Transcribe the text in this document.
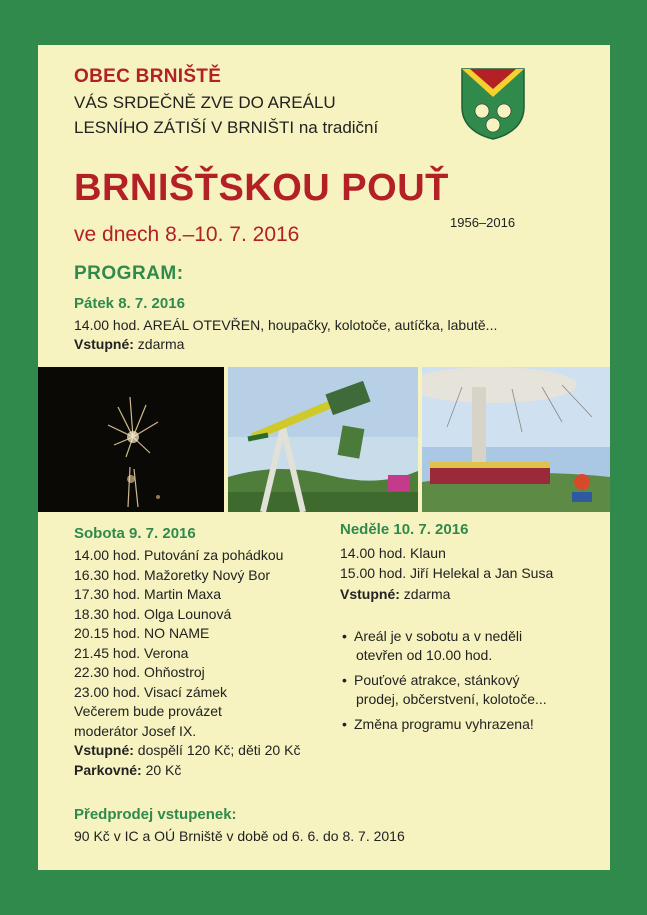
OBEC BRNIŠTĚ
VÁS SRDEČNĚ ZVE DO AREÁLU
LESNÍHO ZÁTIŠÍ V BRNIŠTI na tradiční
BRNIŠŤSKOU POUŤ
ve dnech 8.–10. 7. 2016
1956–2016
PROGRAM:
Pátek 8. 7. 2016
14.00 hod. AREÁL OTEVŘEN, houpačky, kolotoče, autíčka, labutě...
Vstupné: zdarma
Sobota 9. 7. 2016
14.00 hod. Putování za pohádkou
16.30 hod. Mažoretky Nový Bor
17.30 hod. Martin Maxa
18.30 hod. Olga Lounová
20.15 hod. NO NAME
21.45 hod. Verona
22.30 hod. Ohňostroj
23.00 hod. Visací zámek
Večerem bude provázet
moderátor Josef IX.
Vstupné: dospělí 120 Kč; děti 20 Kč
Parkovné: 20 Kč
Neděle 10. 7. 2016
14.00 hod. Klaun
15.00 hod. Jiří Helekal a Jan Susa
Vstupné: zdarma
• Areál je v sobotu a v neděli
otevřen od 10.00 hod.
• Pouťové atrakce, stánkový
prodej, občerstvení, kolotoče...
• Změna programu vyhrazena!
Předprodej vstupenek:
90 Kč v IC a OÚ Brniště v době od 6. 6. do 8. 7. 2016
